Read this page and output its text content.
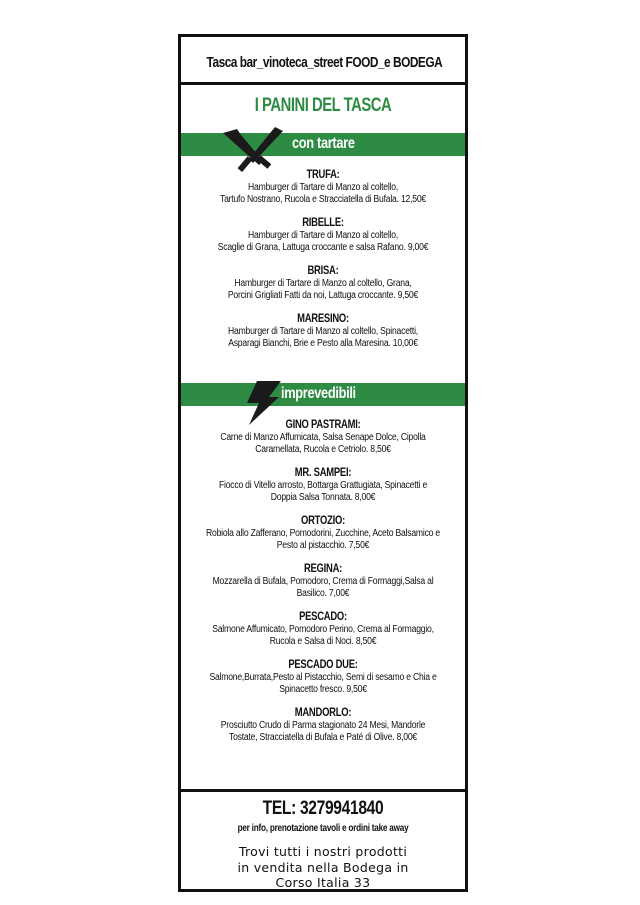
Tasca bar_vinoteca_street FOOD_e BODEGA
I PANINI DEL TASCA
con tartare
TRUFA:
Hamburger di Tartare di Manzo al coltello,
Tartufo Nostrano, Rucola e Stracciatella di Bufala. 12,50€
RIBELLE:
Hamburger di Tartare di Manzo al coltello,
Scaglie di Grana, Lattuga croccante e salsa Rafano. 9,00€
BRISA:
Hamburger di Tartare di Manzo al coltello, Grana,
Porcini Grigliati Fatti da noi, Lattuga croccante. 9,50€
MARESINO:
Hamburger di Tartare di Manzo al coltello, Spinacetti,
Asparagi Bianchi, Brie e Pesto alla Maresina. 10,00€
imprevedibili
GINO PASTRAMI:
Carne di Manzo Affumicata, Salsa Senape Dolce, Cipolla
Caramellata, Rucola e Cetriolo. 8,50€
MR. SAMPEI:
Fiocco di Vitello arrosto, Bottarga Grattugiata, Spinacetti e
Doppia Salsa Tonnata. 8,00€
ORTOZIO:
Robiola allo Zafferano, Pomodorini, Zucchine, Aceto Balsamico e
Pesto al pistacchio. 7,50€
REGINA:
Mozzarella di Bufala, Pomodoro, Crema di Formaggi,Salsa al
Basilico. 7,00€
PESCADO:
Salmone Affumicato, Pomodoro Perino, Crema al Formaggio,
Rucola e Salsa di Noci. 8,50€
PESCADO DUE:
Salmone,Burrata,Pesto al Pistacchio, Semi di sesamo e Chia e
Spinacetto fresco. 9,50€
MANDORLO:
Prosciutto Crudo di Parma stagionato 24 Mesi, Mandorle
Tostate, Stracciatella di Bufala e Paté di Olive. 8,00€
TEL: 3279941840
per info, prenotazione tavoli e ordini take away
Trovi tutti i nostri prodotti
in vendita nella Bodega in
Corso Italia 33
